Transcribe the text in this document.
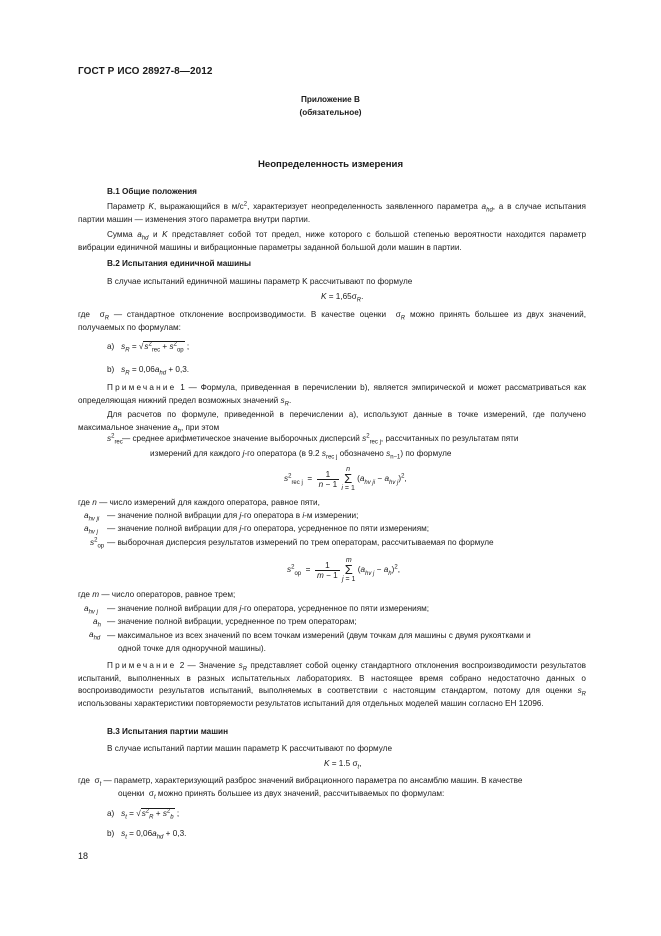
ГОСТ Р ИСО 28927-8—2012
Приложение В
(обязательное)
Неопределенность измерения
В.1 Общие положения
Параметр K, выражающийся в $м/с^2$, характеризует неопределенность заявленного параметра $a_{hd}$, а в случае испытания партии машин — изменения этого параметра внутри партии.
Сумма $a_{hd}$ и K представляет собой тот предел, ниже которого с большой степенью вероятности находится параметр вибрации единичной машины и вибрационные параметры заданной большой доли машин в партии.
В.2 Испытания единичной машины
В случае испытаний единичной машины параметр K рассчитывают по формуле
$K = 1,65\sigma_R$.
где  $\sigma_R$ — стандартное отклонение воспроизводимости. В качестве оценки  $\sigma_R$ можно принять большее из двух значений, получаемых по формулам:
а) $s_R = √s^2_{rec} + s^2_{op}$ ;
b) $s_R = 0,06a_{hd} + 0,3$.
Примечание 1 — Формула, приведенная в перечислении b), является эмпирической и может рассматриваться как определяющая нижний предел возможных значений $s_R$.
Для расчетов по формуле, приведенной в перечислении а), используют данные в точке измерений, где получено максимальное значение $a_h$, при этом
$s^2_{rec}$ — среднее арифметическое значение выборочных дисперсий $s^2_{rec j}$, рассчитанных по результатам пяти
измерений для каждого j-го оператора (в 9.2 $s_{rec j}$ обозначено $s_{n-1}$) по формуле
$s^2_{rec j} = \frac{1}{n - 1}$
	n
Σ
i = 1
$(a_{hv ji} - a_{hv j})^2$,
где n — число измерений для каждого оператора, равное пяти,
$a_{hv ji}$ — значение полной вибрации для j-го оператора в i-м измерении;
$a_{hv j}$ — значение полной вибрации для j-го оператора, усредненное по пяти измерениям;
$s^2_{op}$ — выборочная дисперсия результатов измерений по трем операторам, рассчитываемая по формуле
$s^2_{op} = \frac{1}{m - 1}$
m
Σ
j = 1
$(a_{hv j} - a_h)^2$,
где m — число операторов, равное трем;
$a_{hv j}$ — значение полной вибрации для j-го оператора, усредненное по пяти измерениям;
$a_h$ — значение полной вибрации, усредненное по трем операторам;
$a_{hd}$ — максимальное из всех значений по всем точкам измерений (двум точкам для машины с двумя рукоятками и
одной точке для одноручной машины).
Примечание 2 — Значение $s_R$ представляет собой оценку стандартного отклонения воспроизводимости результатов испытаний, выполненных в разных испытательных лабораториях. В настоящее время собрано недостаточно данных о воспроизводимости результатов испытаний, выполняемых в соответствии с настоящим стандартом, потому для оценки $s_R$ использованы характеристики повторяемости результатов испытаний для отдельных моделей машин согласно ЕН 12096.
В.3 Испытания партии машин
В случае испытаний партии машин параметр K рассчитывают по формуле
K = 1.5 $\sigma_t$,
где  $\sigma_t$ — параметр, характеризующий разброс значений вибрационного параметра по ансамблю машин. В качестве
оценки  $\sigma_t$ можно принять большее из двух значений, рассчитываемых по формулам:
а) $s_t = √s^2_R + s^2_b$ ;
b) $s_t = 0,06a_{hd} + 0,3$.
18
